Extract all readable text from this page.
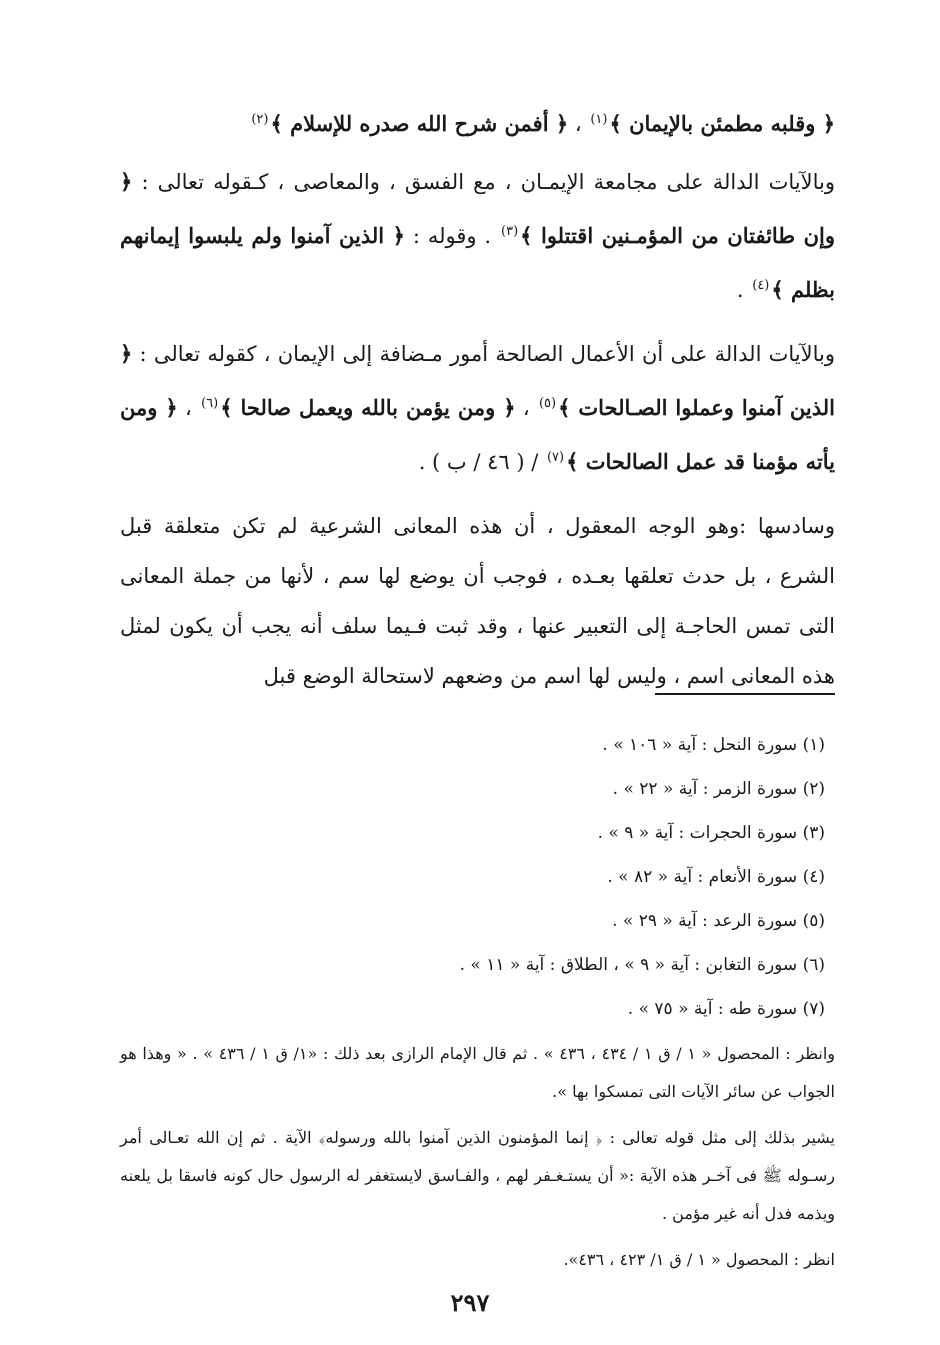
﴿ وقلبه مطمئن بالإيمان ﴾$^{(١)}$ ، ﴿ أفمن شرح الله صدره للإسلام ﴾$^{(٢)}$

وبالآيات الدالة على مجامعة الإيمـان ، مع الفسق ، والمعاصى ، كـقوله تعالى : ﴿ وإن طائفتان من المؤمـنين اقتتلوا ﴾$^{(٣)}$ . وقوله : ﴿ الذين آمنوا ولم يلبسوا إيمانهم بظلم ﴾$^{(٤)}$ .

وبالآيات الدالة على أن الأعمال الصالحة أمور مـضافة إلى الإيمان ، كقوله تعالى : ﴿ الذين آمنوا وعملوا الصـالحات ﴾$^{(٥)}$ ، ﴿ ومن يؤمن بالله ويعمل صالحا ﴾$^{(٦)}$ ، ﴿ ومن يأته مؤمنا قد عمل الصالحات ﴾$^{(٧)}$ / ( ٤٦ / ب ) .

وسادسها :وهو الوجه المعقول ، أن هذه المعانى الشرعية لم تكن متعلقة قبل الشرع ، بل حدث تعلقها بعـده ، فوجب أن يوضع لها سم ، لأنها من جملة المعانى التى تمس الحاجـة إلى التعبير عنها ، وقد ثبت فـيما سلف أنه يجب أن يكون لمثل هذه المعانى اسم ، وليس لها اسم من وضعهم لاستحالة الوضع قبل

(١) سورة النحل : آية « ١٠٦ » .

(٢) سورة الزمر : آية « ٢٢ » .

(٣) سورة الحجرات : آية « ٩ » .

(٤) سورة الأنعام : آية « ٨٢ » .

(٥) سورة الرعد : آية « ٢٩ » .

(٦) سورة التغابن : آية « ٩ » ، الطلاق : آية « ١١ » .

(٧) سورة طه : آية « ٧٥ » .

وانظر : المحصول « ١ / ق ١ / ٤٣٤ ، ٤٣٦ » . ثم قال الإمام الرازى بعد ذلك : «١/ ق ١ / ٤٣٦ » . « وهذا هو الجواب عن سائر الآيات التى تمسكوا بها ».

يشير بذلك إلى مثل قوله تعالى : ﴿ إنما المؤمنون الذين آمنوا بالله ورسوله﴾ الآية . ثم إن الله تعـالى أمر رسـوله ﷺ فى آخـر هذه الآية :« أن يستـغـفر لهم ، والفـاسق لايستغفر له الرسول حال كونه فاسقا بل يلعنه ويذمه فدل أنه غير مؤمن .

انظر : المحصول « ١ / ق ١/ ٤٢٣ ، ٤٣٦».

٢٩٧
